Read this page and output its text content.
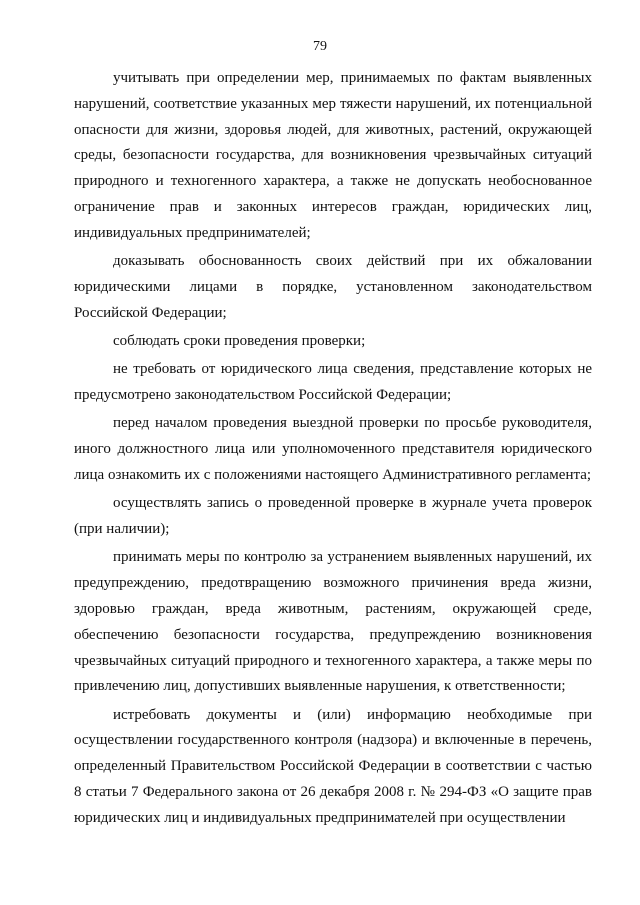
79

учитывать при определении мер, принимаемых по фактам выявленных нарушений, соответствие указанных мер тяжести нарушений, их потенциальной опасности для жизни, здоровья людей, для животных, растений, окружающей среды, безопасности государства, для возникновения чрезвычайных ситуаций природного и техногенного характера, а также не допускать необоснованное ограничение прав и законных интересов граждан, юридических лиц, индивидуальных предпринимателей;

доказывать обоснованность своих действий при их обжаловании юридическими лицами в порядке, установленном законодательством Российской Федерации;

соблюдать сроки проведения проверки;

не требовать от юридического лица сведения, представление которых не предусмотрено законодательством Российской Федерации;

перед началом проведения выездной проверки по просьбе руководителя, иного должностного лица или уполномоченного представителя юридического лица ознакомить их с положениями настоящего Административного регламента;

осуществлять запись о проведенной проверке в журнале учета проверок (при наличии);

принимать меры по контролю за устранением выявленных нарушений, их предупреждению, предотвращению возможного причинения вреда жизни, здоровью граждан, вреда животным, растениям, окружающей среде, обеспечению безопасности государства, предупреждению возникновения чрезвычайных ситуаций природного и техногенного характера, а также меры по привлечению лиц, допустивших выявленные нарушения, к ответственности;

истребовать документы и (или) информацию необходимые при осуществлении государственного контроля (надзора) и включенные в перечень, определенный Правительством Российской Федерации в соответствии с частью 8 статьи 7 Федерального закона от 26 декабря 2008 г. № 294-ФЗ «О защите прав юридических лиц и индивидуальных предпринимателей при осуществлении
